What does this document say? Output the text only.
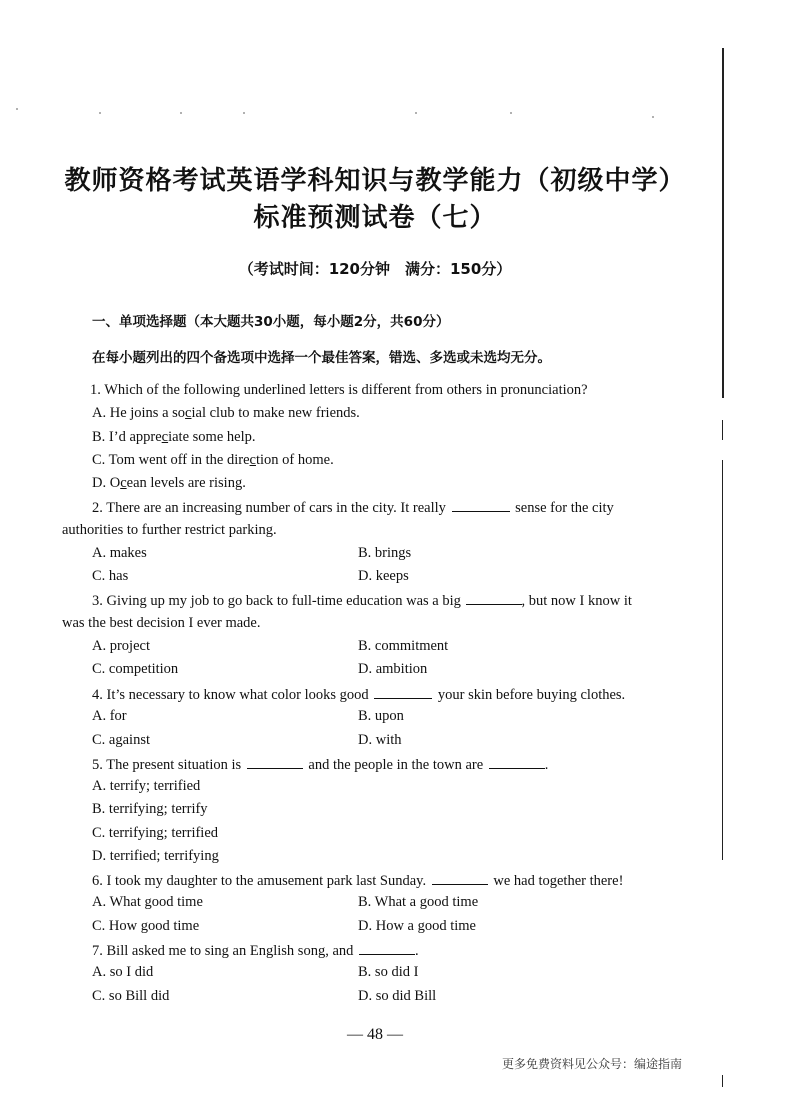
教师资格考试英语学科知识与教学能力（初级中学）
标准预测试卷（七）
（考试时间：120分钟　满分：150分）
一、单项选择题（本大题共30小题，每小题2分，共60分）
在每小题列出的四个备选项中选择一个最佳答案，错选、多选或未选均无分。
1. Which of the following underlined letters is different from others in pronunciation?
A. He joins a social club to make new friends.
B. I’d appreciate some help.
C. Tom went off in the direction of home.
D. Ocean levels are rising.
2. There are an increasing number of cars in the city. It really	sense for the city
authorities to further restrict parking.
A. makes	B. brings
C. has	D. keeps
3. Giving up my job to go back to full-time education was a big	, but now I know it
was the best decision I ever made.
A. project	B. commitment
C. competition	D. ambition
4. It’s necessary to know what color looks good	your skin before buying clothes.
A. for	B. upon
C. against	D. with
5. The present situation is	and the people in the town are	.
A. terrify; terrified
B. terrifying; terrify
C. terrifying; terrified
D. terrified; terrifying
6. I took my daughter to the amusement park last Sunday.	we had together there!
A. What good time	B. What a good time
C. How good time	D. How a good time
7. Bill asked me to sing an English song, and	.
A. so I did	B. so did I
C. so Bill did	D. so did Bill
— 48 —
更多免费资料见公众号：编途指南
